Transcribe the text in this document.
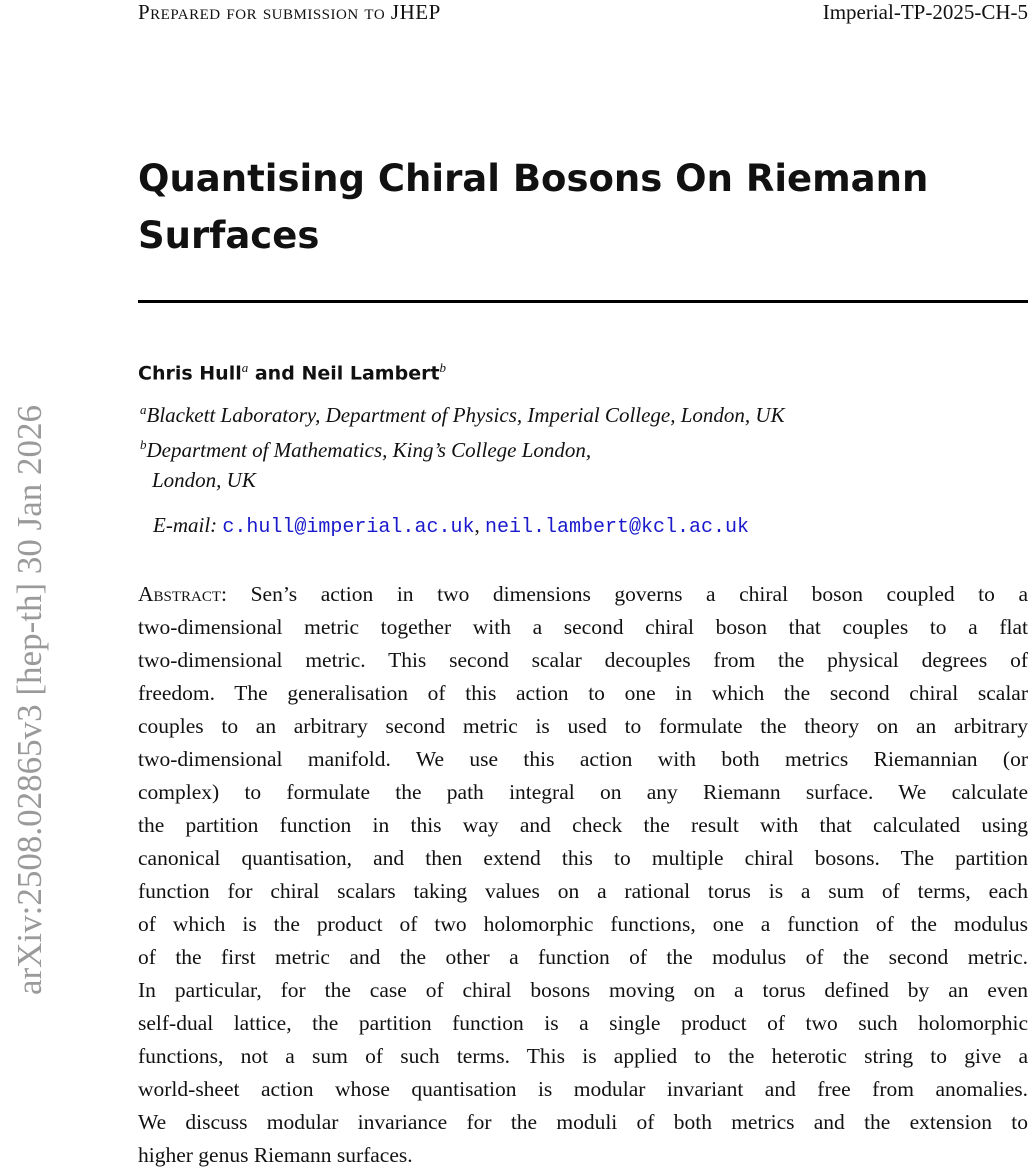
Prepared for submission to JHEP	Imperial-TP-2025-CH-5
arXiv:2508.02865v3 [hep-th] 30 Jan 2026
Quantising Chiral Bosons On Riemann
Surfaces
Chris Hull$^a$ and Neil Lambert$^b$
$^a$Blackett Laboratory, Department of Physics, Imperial College, London, UK
$^b$Department of Mathematics, King’s College London,
London, UK
E-mail: c.hull@imperial.ac.uk, neil.lambert@kcl.ac.uk
Abstract: Sen’s action in two dimensions governs a chiral boson coupled to a
two-dimensional metric together with a second chiral boson that couples to a flat
two-dimensional metric. This second scalar decouples from the physical degrees of
freedom. The generalisation of this action to one in which the second chiral scalar
couples to an arbitrary second metric is used to formulate the theory on an arbitrary
two-dimensional manifold. We use this action with both metrics Riemannian (or
complex) to formulate the path integral on any Riemann surface. We calculate
the partition function in this way and check the result with that calculated using
canonical quantisation, and then extend this to multiple chiral bosons. The partition
function for chiral scalars taking values on a rational torus is a sum of terms, each
of which is the product of two holomorphic functions, one a function of the modulus
of the first metric and the other a function of the modulus of the second metric.
In particular, for the case of chiral bosons moving on a torus defined by an even
self-dual lattice, the partition function is a single product of two such holomorphic
functions, not a sum of such terms. This is applied to the heterotic string to give a
world-sheet action whose quantisation is modular invariant and free from anomalies.
We discuss modular invariance for the moduli of both metrics and the extension to
higher genus Riemann surfaces.
